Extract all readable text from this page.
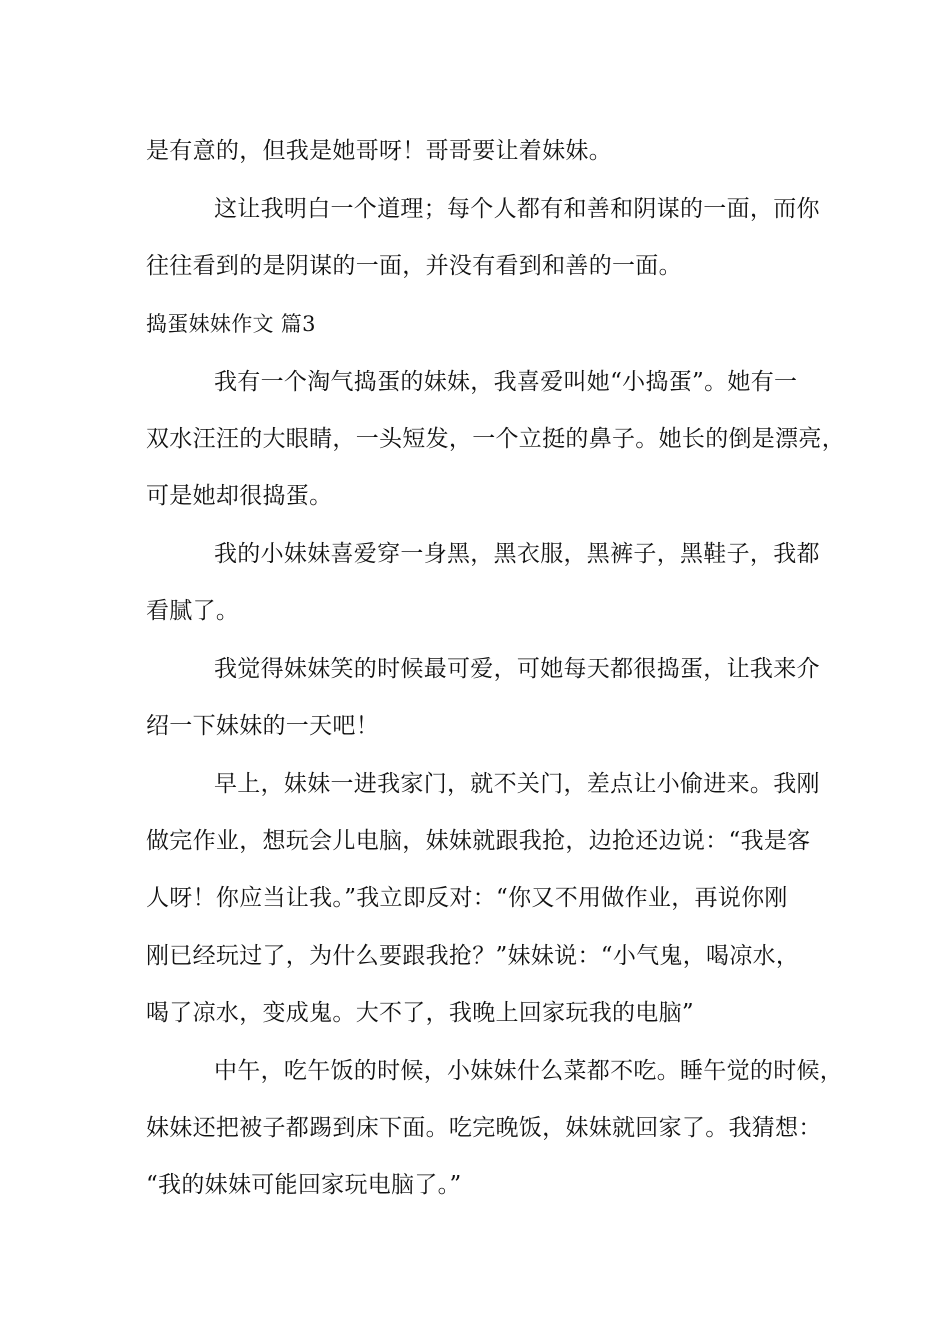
是有意的，但我是她哥呀！哥哥要让着妹妹。
这让我明白一个道理；每个人都有和善和阴谋的一面，而你
往往看到的是阴谋的一面，并没有看到和善的一面。
捣蛋妹妹作文 篇3
我有一个淘气捣蛋的妹妹，我喜爱叫她“小捣蛋”。她有一
双水汪汪的大眼睛，一头短发，一个立挺的鼻子。她长的倒是漂亮，
可是她却很捣蛋。
我的小妹妹喜爱穿一身黑，黑衣服，黑裤子，黑鞋子，我都
看腻了。
我觉得妹妹笑的时候最可爱，可她每天都很捣蛋，让我来介
绍一下妹妹的一天吧！
早上，妹妹一进我家门，就不关门，差点让小偷进来。我刚
做完作业，想玩会儿电脑，妹妹就跟我抢，边抢还边说：“我是客
人呀！你应当让我。”我立即反对：“你又不用做作业，再说你刚
刚已经玩过了，为什么要跟我抢？”妹妹说：“小气鬼，喝凉水，
喝了凉水，变成鬼。大不了，我晚上回家玩我的电脑”
中午，吃午饭的时候，小妹妹什么菜都不吃。睡午觉的时候，
妹妹还把被子都踢到床下面。吃完晚饭，妹妹就回家了。我猜想：
“我的妹妹可能回家玩电脑了。”
